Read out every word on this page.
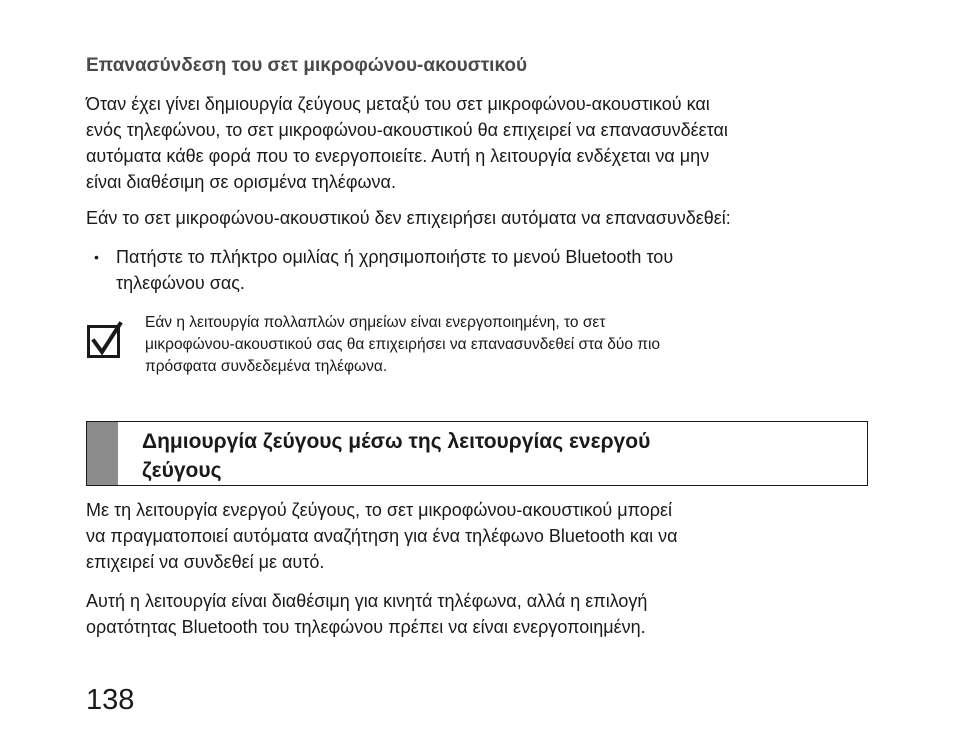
Επανασύνδεση του σετ μικροφώνου-ακουστικού

Όταν έχει γίνει δημιουργία ζεύγους μεταξύ του σετ μικροφώνου-ακουστικού και
ενός τηλεφώνου, το σετ μικροφώνου-ακουστικού θα επιχειρεί να επανασυνδέεται
αυτόματα κάθε φορά που το ενεργοποιείτε. Αυτή η λειτουργία ενδέχεται να μην
είναι διαθέσιμη σε ορισμένα τηλέφωνα.

Εάν το σετ μικροφώνου-ακουστικού δεν επιχειρήσει αυτόματα να επανασυνδεθεί:

• Πατήστε το πλήκτρο ομιλίας ή χρησιμοποιήστε το μενού Bluetooth του
τηλεφώνου σας.
Εάν η λειτουργία πολλαπλών σημείων είναι ενεργοποιημένη, το σετ
μικροφώνου-ακουστικού σας θα επιχειρήσει να επανασυνδεθεί στα δύο πιο
πρόσφατα συνδεδεμένα τηλέφωνα.
Δημιουργία ζεύγους μέσω της λειτουργίας ενεργού
ζεύγους

Με τη λειτουργία ενεργού ζεύγους, το σετ μικροφώνου-ακουστικού μπορεί
να πραγματοποιεί αυτόματα αναζήτηση για ένα τηλέφωνο Bluetooth και να
επιχειρεί να συνδεθεί με αυτό.

Αυτή η λειτουργία είναι διαθέσιμη για κινητά τηλέφωνα, αλλά η επιλογή
ορατότητας Bluetooth του τηλεφώνου πρέπει να είναι ενεργοποιημένη.

138
